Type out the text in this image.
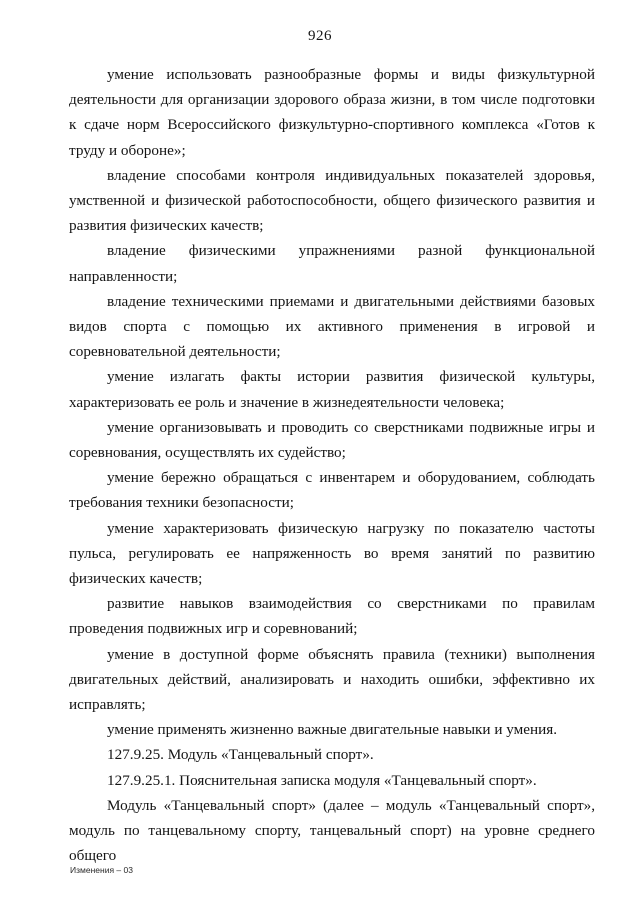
926

умение использовать разнообразные формы и виды физкультурной деятельности для организации здорового образа жизни, в том числе подготовки к сдаче норм Всероссийского физкультурно-спортивного комплекса «Готов к труду и обороне»;

владение способами контроля индивидуальных показателей здоровья, умственной и физической работоспособности, общего физического развития и развития физических качеств;

владение физическими упражнениями разной функциональной направленности;

владение техническими приемами и двигательными действиями базовых видов спорта с помощью их активного применения в игровой и соревновательной деятельности;

умение излагать факты истории развития физической культуры, характеризовать ее роль и значение в жизнедеятельности человека;

умение организовывать и проводить со сверстниками подвижные игры и соревнования, осуществлять их судейство;

умение бережно обращаться с инвентарем и оборудованием, соблюдать требования техники безопасности;

умение характеризовать физическую нагрузку по показателю частоты пульса, регулировать ее напряженность во время занятий по развитию физических качеств;

развитие навыков взаимодействия со сверстниками по правилам проведения подвижных игр и соревнований;

умение в доступной форме объяснять правила (техники) выполнения двигательных действий, анализировать и находить ошибки, эффективно их исправлять;

умение применять жизненно важные двигательные навыки и умения.

127.9.25. Модуль «Танцевальный спорт».

127.9.25.1. Пояснительная записка модуля «Танцевальный спорт».

Модуль «Танцевальный спорт» (далее – модуль «Танцевальный спорт», модуль по танцевальному спорту, танцевальный спорт) на уровне среднего общего

Изменения – 03
